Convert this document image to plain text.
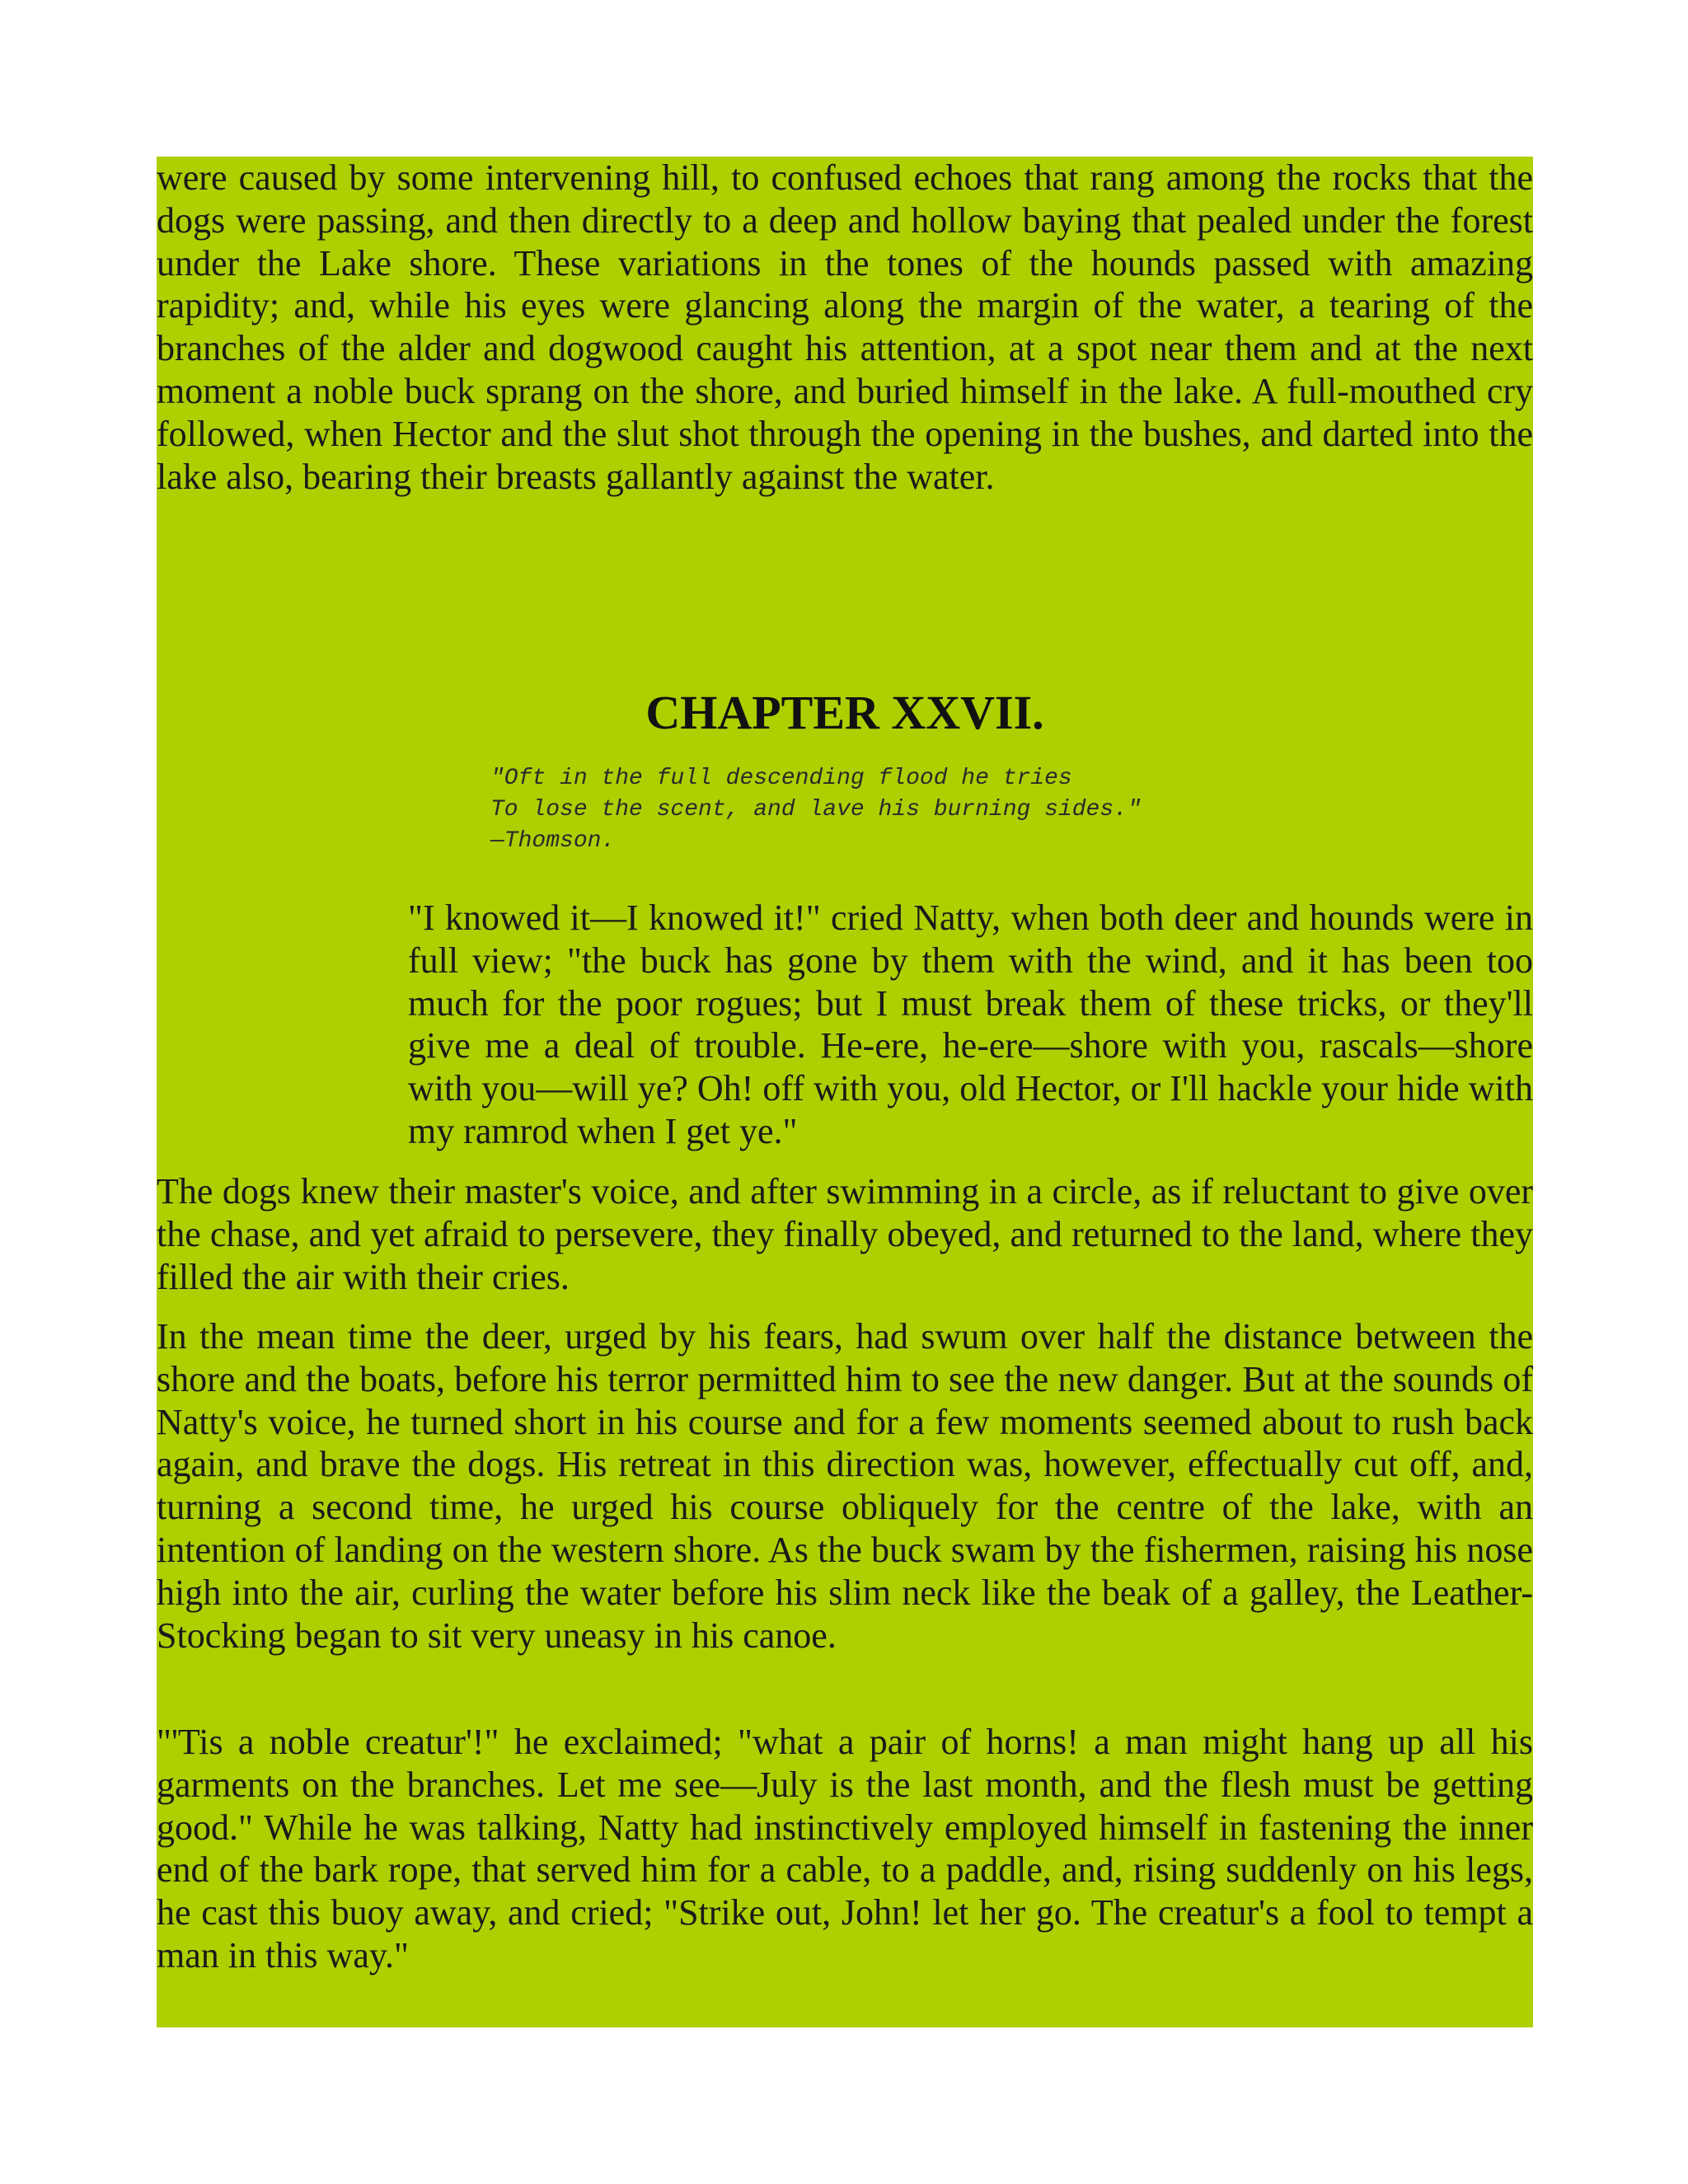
were caused by some intervening hill, to confused echoes that rang among the rocks that the dogs were passing, and then directly to a deep and hollow baying that pealed under the forest under the Lake shore. These variations in the tones of the hounds passed with amazing rapidity; and, while his eyes were glancing along the margin of the water, a tearing of the branches of the alder and dogwood caught his attention, at a spot near them and at the next moment a noble buck sprang on the shore, and buried himself in the lake. A full-mouthed cry followed, when Hector and the slut shot through the opening in the bushes, and darted into the lake also, bearing their breasts gallantly against the water.

CHAPTER XXVII.
"Oft in the full descending flood he tries
To lose the scent, and lave his burning sides."
—Thomson.

"I knowed it—I knowed it!" cried Natty, when both deer and hounds were in full view; "the buck has gone by them with the wind, and it has been too much for the poor rogues; but I must break them of these tricks, or they'll give me a deal of trouble. He-ere, he-ere—shore with you, rascals—shore with you—will ye? Oh! off with you, old Hector, or I'll hackle your hide with my ramrod when I get ye."

The dogs knew their master's voice, and after swimming in a circle, as if reluctant to give over the chase, and yet afraid to persevere, they finally obeyed, and returned to the land, where they filled the air with their cries.

In the mean time the deer, urged by his fears, had swum over half the distance between the shore and the boats, before his terror permitted him to see the new danger. But at the sounds of Natty's voice, he turned short in his course and for a few moments seemed about to rush back again, and brave the dogs. His retreat in this direction was, however, effectually cut off, and, turning a second time, he urged his course obliquely for the centre of the lake, with an intention of landing on the western shore. As the buck swam by the fishermen, raising his nose high into the air, curling the water before his slim neck like the beak of a galley, the Leather-Stocking began to sit very uneasy in his canoe.

"'Tis a noble creatur'!" he exclaimed; "what a pair of horns! a man might hang up all his garments on the branches. Let me see—July is the last month, and the flesh must be getting good." While he was talking, Natty had instinctively employed himself in fastening the inner end of the bark rope, that served him for a cable, to a paddle, and, rising suddenly on his legs, he cast this buoy away, and cried; "Strike out, John! let her go. The creatur's a fool to tempt a man in this way."
